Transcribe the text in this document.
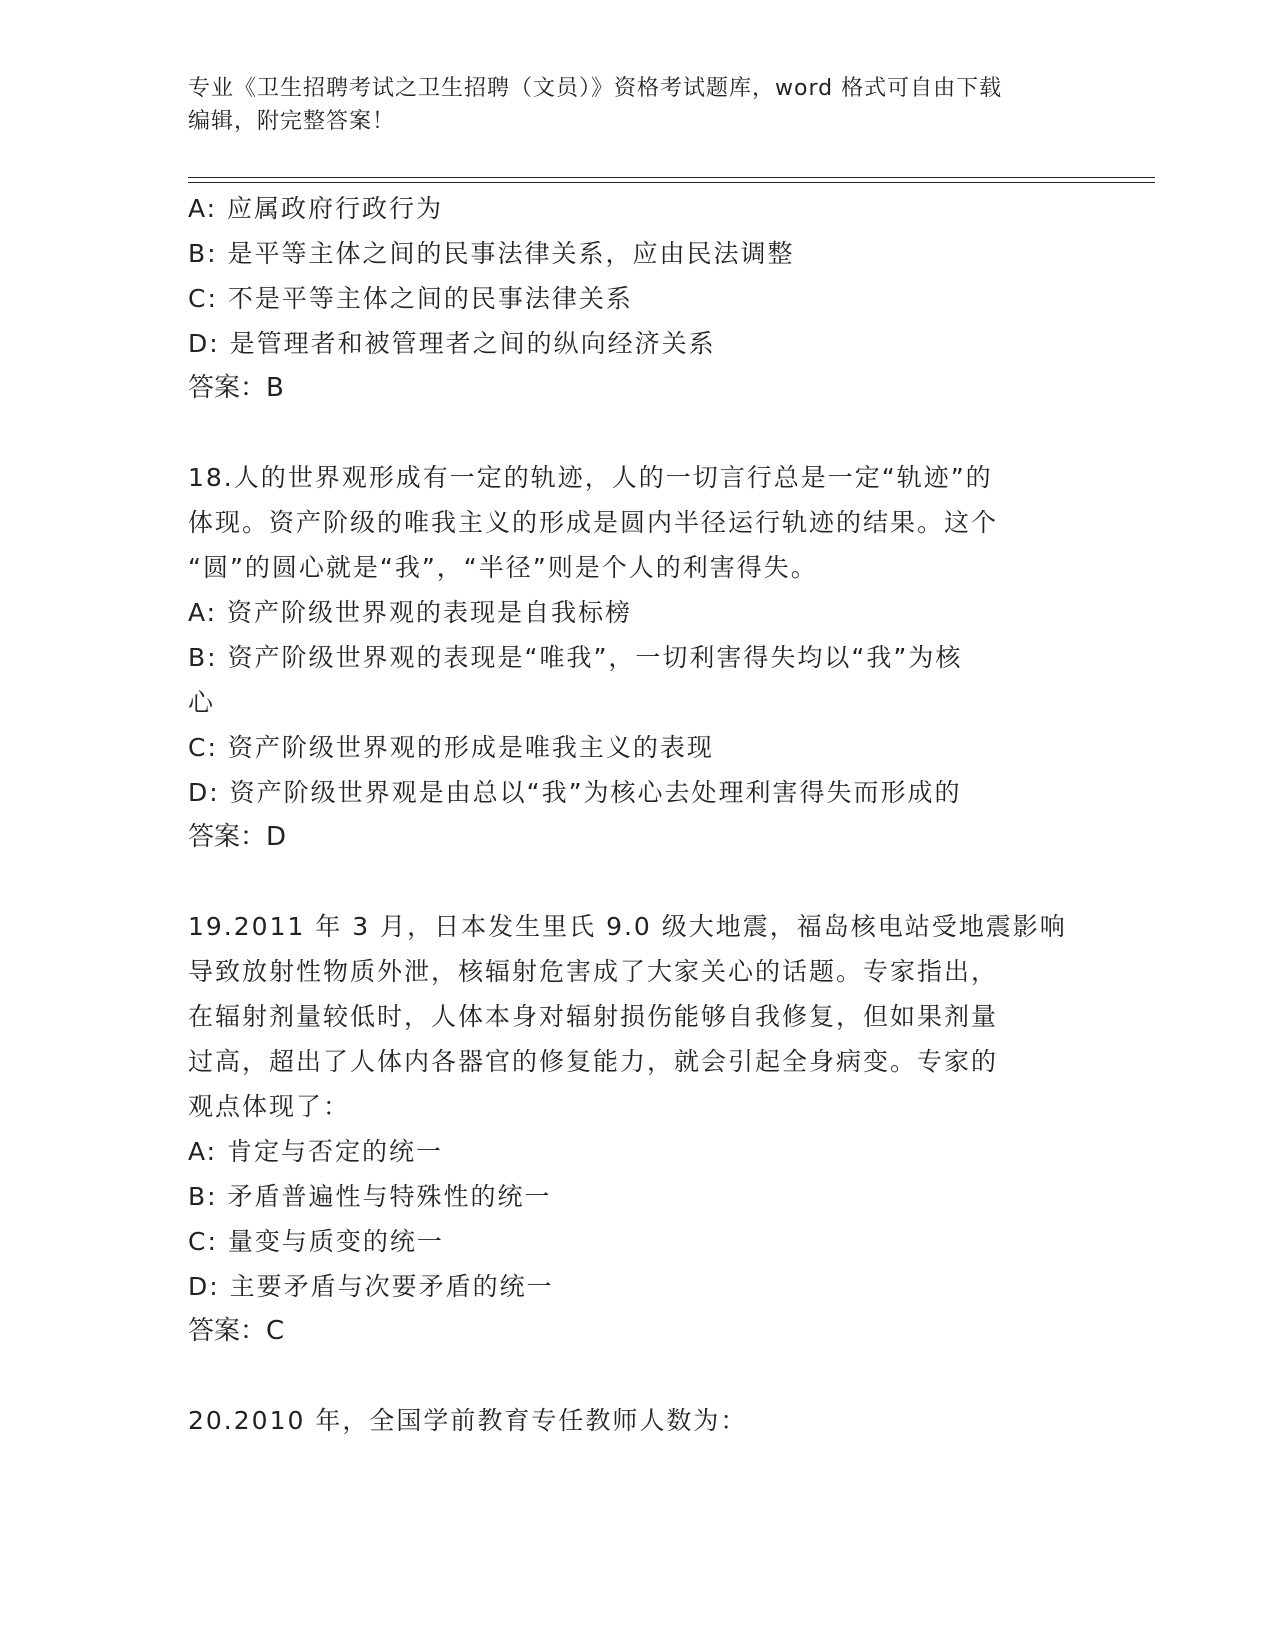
专业《卫生招聘考试之卫生招聘（文员）》资格考试题库，word 格式可自由下载
编辑，附完整答案！

A: 应属政府行政行为

B: 是平等主体之间的民事法律关系，应由民法调整

C: 不是平等主体之间的民事法律关系

D: 是管理者和被管理者之间的纵向经济关系

答案：B

18.人的世界观形成有一定的轨迹，人的一切言行总是一定“轨迹”的

体现。资产阶级的唯我主义的形成是圆内半径运行轨迹的结果。这个

“圆”的圆心就是“我”，“半径”则是个人的利害得失。

A: 资产阶级世界观的表现是自我标榜

B: 资产阶级世界观的表现是“唯我”，一切利害得失均以“我”为核

心

C: 资产阶级世界观的形成是唯我主义的表现

D: 资产阶级世界观是由总以“我”为核心去处理利害得失而形成的

答案：D

19.2011 年 3 月，日本发生里氏 9.0 级大地震，福岛核电站受地震影响

导致放射性物质外泄，核辐射危害成了大家关心的话题。专家指出，

在辐射剂量较低时，人体本身对辐射损伤能够自我修复，但如果剂量

过高，超出了人体内各器官的修复能力，就会引起全身病变。专家的

观点体现了：

A: 肯定与否定的统一

B: 矛盾普遍性与特殊性的统一

C: 量变与质变的统一

D: 主要矛盾与次要矛盾的统一

答案：C

20.2010 年，全国学前教育专任教师人数为：
